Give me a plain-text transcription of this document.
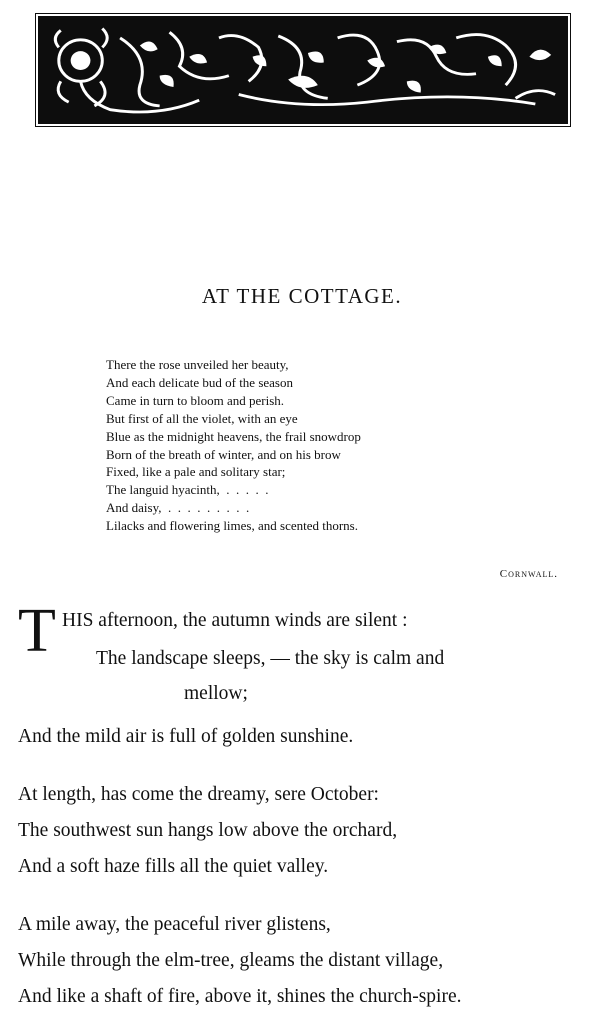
AT THE COTTAGE.
There the rose unveiled her beauty,
And each delicate bud of the season
Came in turn to bloom and perish.
But first of all the violet, with an eye
Blue as the midnight heavens, the frail snowdrop
Born of the breath of winter, and on his brow
Fixed, like a pale and solitary star;
The languid hyacinth,  .  .  .  .  .
And daisy,  .  .  .  .  .  .  .  .  .
Lilacks and flowering limes, and scented thorns.
Cornwall.
T HIS afternoon, the autumn winds are silent :
The landscape sleeps, — the sky is calm and
mellow;
And the mild air is full of golden sunshine.
At length, has come the dreamy, sere October:
The southwest sun hangs low above the orchard,
And a soft haze fills all the quiet valley.
A mile away, the peaceful river glistens,
While through the elm-tree, gleams the distant village,
And like a shaft of fire, above it, shines the church-spire.
